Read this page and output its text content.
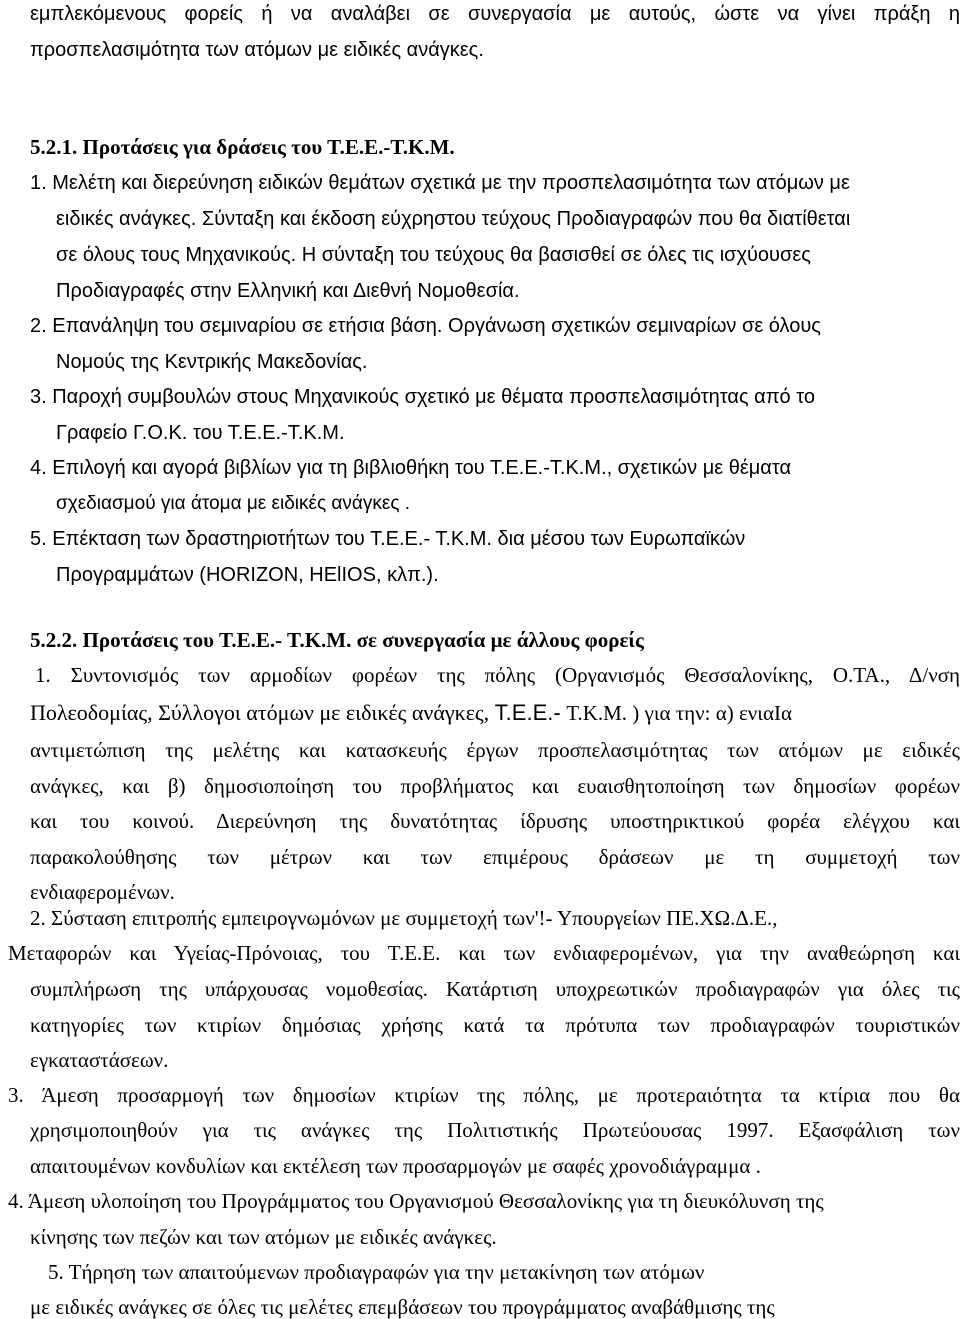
εμπλεκόμενους φορείς ή να αναλάβει σε συνεργασία με αυτούς, ώστε να γίνει πράξη η
προσπελασιμότητα των ατόμων με ειδικές ανάγκες.
5.2.1. Προτάσεις για δράσεις του Τ.Ε.Ε.-Τ.Κ.Μ.
1. Μελέτη και διερεύνηση ειδικών θεμάτων σχετικά με την προσπελασιμότητα των ατόμων με
ειδικές ανάγκες. Σύνταξη και έκδοση εύχρηστου τεύχους Προδιαγραφών που θα διατίθεται
σε όλους τους Μηχανικούς. Η σύνταξη του τεύχους θα βασισθεί σε όλες τις ισχύουσες
Προδιαγραφές στην Ελληνική και Διεθνή Νομοθεσία.
2. Επανάληψη του σεμιναρίου σε ετήσια βάση. Οργάνωση σχετικών σεμιναρίων σε όλους
Νομούς της Κεντρικής Μακεδονίας.
3. Παροχή συμβουλών στους Μηχανικούς σχετικό με θέματα προσπελασιμότητας από το
Γραφείο Γ.Ο.Κ. του Τ.Ε.Ε.-Τ.Κ.Μ.
4. Επιλογή και αγορά βιβλίων για τη βιβλιοθήκη του Τ.Ε.Ε.-Τ.Κ.Μ., σχετικών με θέματα
σχεδιασμού για άτομα με ειδικές ανάγκες .
5. Επέκταση των δραστηριοτήτων του Τ.Ε.Ε.- Τ.Κ.Μ. δια μέσου των Ευρωπαϊκών
Προγραμμάτων (HORIZON, HElIOS, κλπ.).
5.2.2. Προτάσεις του Τ.Ε.Ε.- Τ.Κ.Μ. σε συνεργασία με άλλους φορείς
1. Συντονισμός των αρμοδίων φορέων της πόλης (Οργανισμός Θεσσαλονίκης, Ο.ΤΑ., Δ/νση
Πολεοδομίας, Σύλλογοι ατόμων με ειδικές ανάγκες, Τ.Ε.Ε.- Τ.Κ.Μ. ) για την: α) ενιαΙα
αντιμετώπιση της μελέτης και κατασκευής έργων προσπελασιμότητας των ατόμων με ειδικές
ανάγκες, και β) δημοσιοποίηση του προβλήματος και ευαισθητοποίηση των δημοσίων φορέων
και του κοινού. Διερεύνηση της δυνατότητας ίδρυσης υποστηρικτικού φορέα ελέγχου και
παρακολούθησης των μέτρων και των επιμέρους δράσεων με τη συμμετοχή των
ενδιαφερομένων.
2. Σύσταση επιτροπής εμπειρογνωμόνων με συμμετοχή των'!- Υπουργείων ΠΕ.ΧΩ.Δ.Ε.,
Μεταφορών και Υγείας-Πρόνοιας, του Τ.Ε.Ε. και των ενδιαφερομένων, για την αναθεώρηση και
συμπλήρωση της υπάρχουσας νομοθεσίας. Κατάρτιση υποχρεωτικών προδιαγραφών για όλες τις
κατηγορίες των κτιρίων δημόσιας χρήσης κατά τα πρότυπα των προδιαγραφών τουριστικών
εγκαταστάσεων.
3. Άμεση προσαρμογή των δημοσίων κτιρίων της πόλης, με προτεραιότητα τα κτίρια που θα
χρησιμοποιηθούν για τις ανάγκες της Πολιτιστικής Πρωτεύουσας 1997. Εξασφάλιση των
απαιτουμένων κονδυλίων και εκτέλεση των προσαρμογών με σαφές χρονοδιάγραμμα .
4. Άμεση υλοποίηση του Προγράμματος του Οργανισμού Θεσσαλονίκης για τη διευκόλυνση της
κίνησης των πεζών και των ατόμων με ειδικές ανάγκες.
5. Τήρηση των απαιτούμενων προδιαγραφών για την μετακίνηση των ατόμων
με ειδικές ανάγκες σε όλες τις μελέτες επεμβάσεων του προγράμματος αναβάθμισης της
